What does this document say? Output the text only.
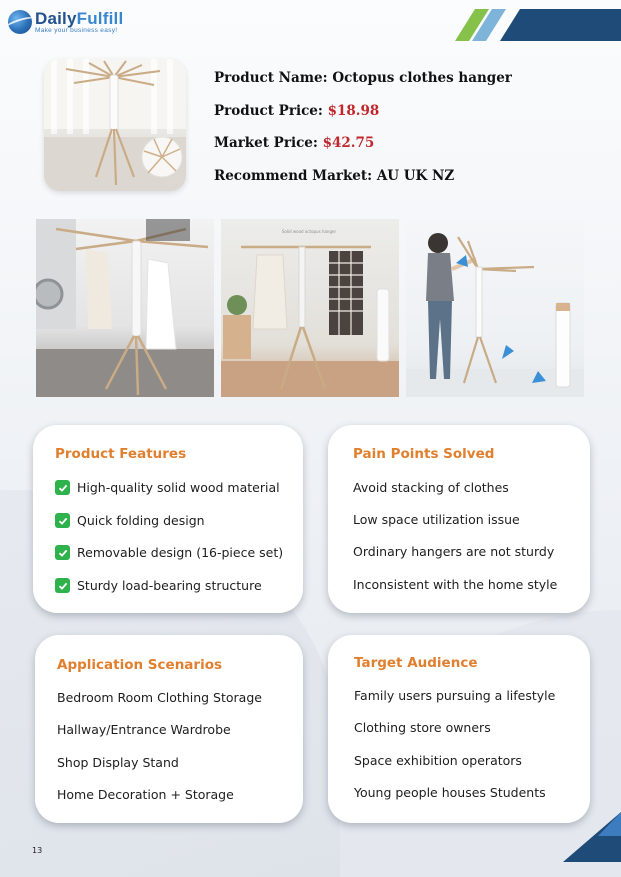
DailyFulfill
Make your business easy!
Product Name: Octopus clothes hanger
Product Price: $18.98
Market Price: $42.75
Recommend Market: AU UK NZ
Solid wood octopus hanger
Product Features
High-quality solid wood material
Quick folding design
Removable design (16-piece set)
Sturdy load-bearing structure
Pain Points Solved
Avoid stacking of clothes
Low space utilization issue
Ordinary hangers are not sturdy
Inconsistent with the home style
Application Scenarios
Bedroom Room Clothing Storage
Hallway/Entrance Wardrobe
Shop Display Stand
Home Decoration + Storage
Target Audience
Family users pursuing a lifestyle
Clothing store owners
Space exhibition operators
Young people houses Students
13
